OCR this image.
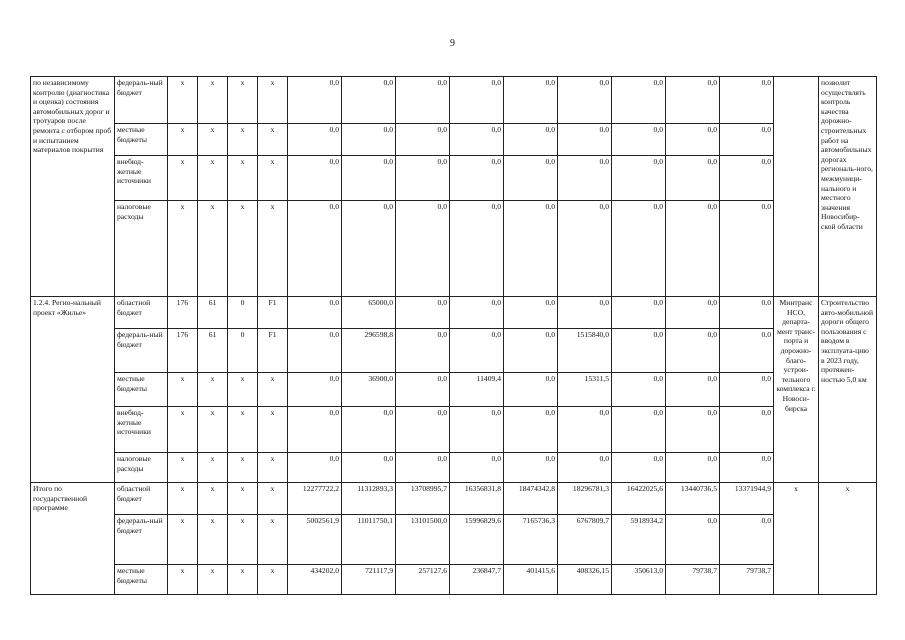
9
по независимому контролю (диагностика и оценка) состояния автомобильных дорог и тротуаров после ремонта с отбором проб и испытанием материалов покрытия	федераль-ный бюджет	х	х	х	х	0,0	0,0	0,0	0,0	0,0	0,0	0,0	0,0	0,0		позволит осуществлять контроль качества дорожно-строительных работ на автомобильных дорогах региональ-ного, межмуници-нального и местного значения Новосибир-ской области
	местные бюджеты	х	х	х	х	0,0	0,0	0,0	0,0	0,0	0,0	0,0	0,0	0,0		
	внебюд-жетные источники	х	х	х	х	0,0	0,0	0,0	0,0	0,0	0,0	0,0	0,0	0,0		
	налоговые расходы	х	х	х	х	0,0	0,0	0,0	0,0	0,0	0,0	0,0	0,0	0,0		
1.2.4. Регио-нальный проект «Жилье»	областной бюджет	176	61	0	F1	0,0	65000,0	0,0	0,0	0,0	0,0	0,0	0,0	0,0	Минтранс НСО, департа-мент транс-порта и дорожно-благо-устрои-тельного комплекса г. Новоси-бирска	Строительство авто-мобильной дороги общего пользования с вводом в эксплуата-цию в 2023 году, протяжен-ностью 5,0 км
	федераль-ный бюджет	176	61	0	F1	0,0	296598,8	0,0	0,0	0,0	1515840,0	0,0	0,0	0,0		
	местные бюджеты	х	х	х	х	0,0	36900,0	0,0	11409,4	0,0	15311,5	0,0	0,0	0,0		
	внебюд-жетные источники	х	х	х	х	0,0	0,0	0,0	0,0	0,0	0,0	0,0	0,0	0,0		
	налоговые расходы	х	х	х	х	0,0	0,0	0,0	0,0	0,0	0,0	0,0	0,0	0,0		
Итого по государственной программе	областной бюджет	х	х	х	х	12277722,2	11312893,3	13708995,7	16356831,8	18474342,8	18296781,3	16422025,6	13440736,5	13371944,9	х	х
	федераль-ный бюджет	х	х	х	х	5002561,9	11011750,1	13101500,0	15996829,6	7165736,3	6767809,7	5918934,2	0,0	0,0		
	местные бюджеты	х	х	х	х	434202,0	721117,9	257127,6	236847,7	401415,6	408326,15	350613,0	79738,7	79738,7		
